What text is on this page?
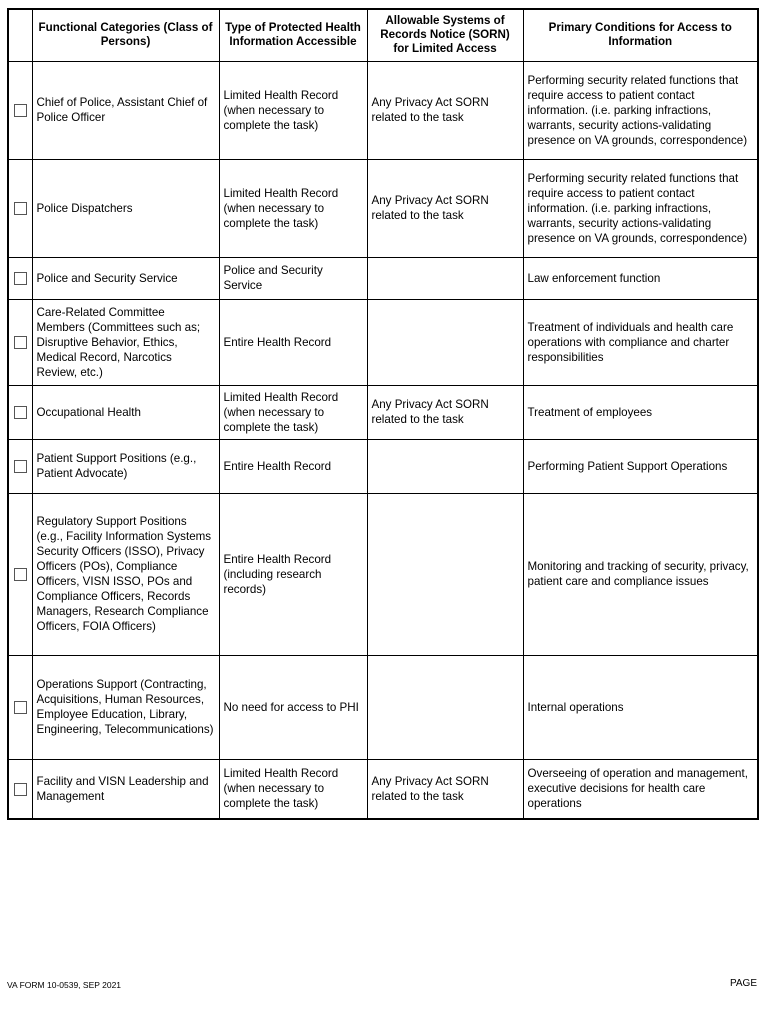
	Functional Categories (Class of Persons)	Type of Protected Health Information Accessible	Allowable Systems of Records Notice (SORN) for Limited Access	Primary Conditions for Access to Information
	Chief of Police, Assistant Chief of Police Officer	Limited Health Record (when necessary to complete the task)	Any Privacy Act SORN related to the task	Performing security related functions that require access to patient contact information. (i.e. parking infractions, warrants, security actions-validating presence on VA grounds, correspondence)
	Police Dispatchers	Limited Health Record (when necessary to complete the task)	Any Privacy Act SORN related to the task	Performing security related functions that require access to patient contact information. (i.e. parking infractions, warrants, security actions-validating presence on VA grounds, correspondence)
	Police and Security Service	Police and Security Service		Law enforcement function
	Care-Related Committee Members (Committees such as; Disruptive Behavior, Ethics, Medical Record, Narcotics Review, etc.)	Entire Health Record		Treatment of individuals and health care operations with compliance and charter responsibilities
	Occupational Health	Limited Health Record (when necessary to complete the task)	Any Privacy Act SORN related to the task	Treatment of employees
	Patient Support Positions (e.g., Patient Advocate)	Entire Health Record		Performing Patient Support Operations
	Regulatory Support Positions (e.g., Facility Information Systems Security Officers (ISSO), Privacy Officers (POs), Compliance Officers, VISN ISSO, POs and Compliance Officers, Records Managers, Research Compliance Officers, FOIA Officers)	Entire Health Record (including research records)		Monitoring and tracking of security, privacy, patient care and compliance issues
	Operations Support (Contracting, Acquisitions, Human Resources, Employee Education, Library, Engineering, Telecommunications)	No need for access to PHI		Internal operations
	Facility and VISN Leadership and Management	Limited Health Record (when necessary to complete the task)	Any Privacy Act SORN related to the task	Overseeing of operation and management, executive decisions for health care operations
VA FORM 10-0539, SEP 2021	PAGE
